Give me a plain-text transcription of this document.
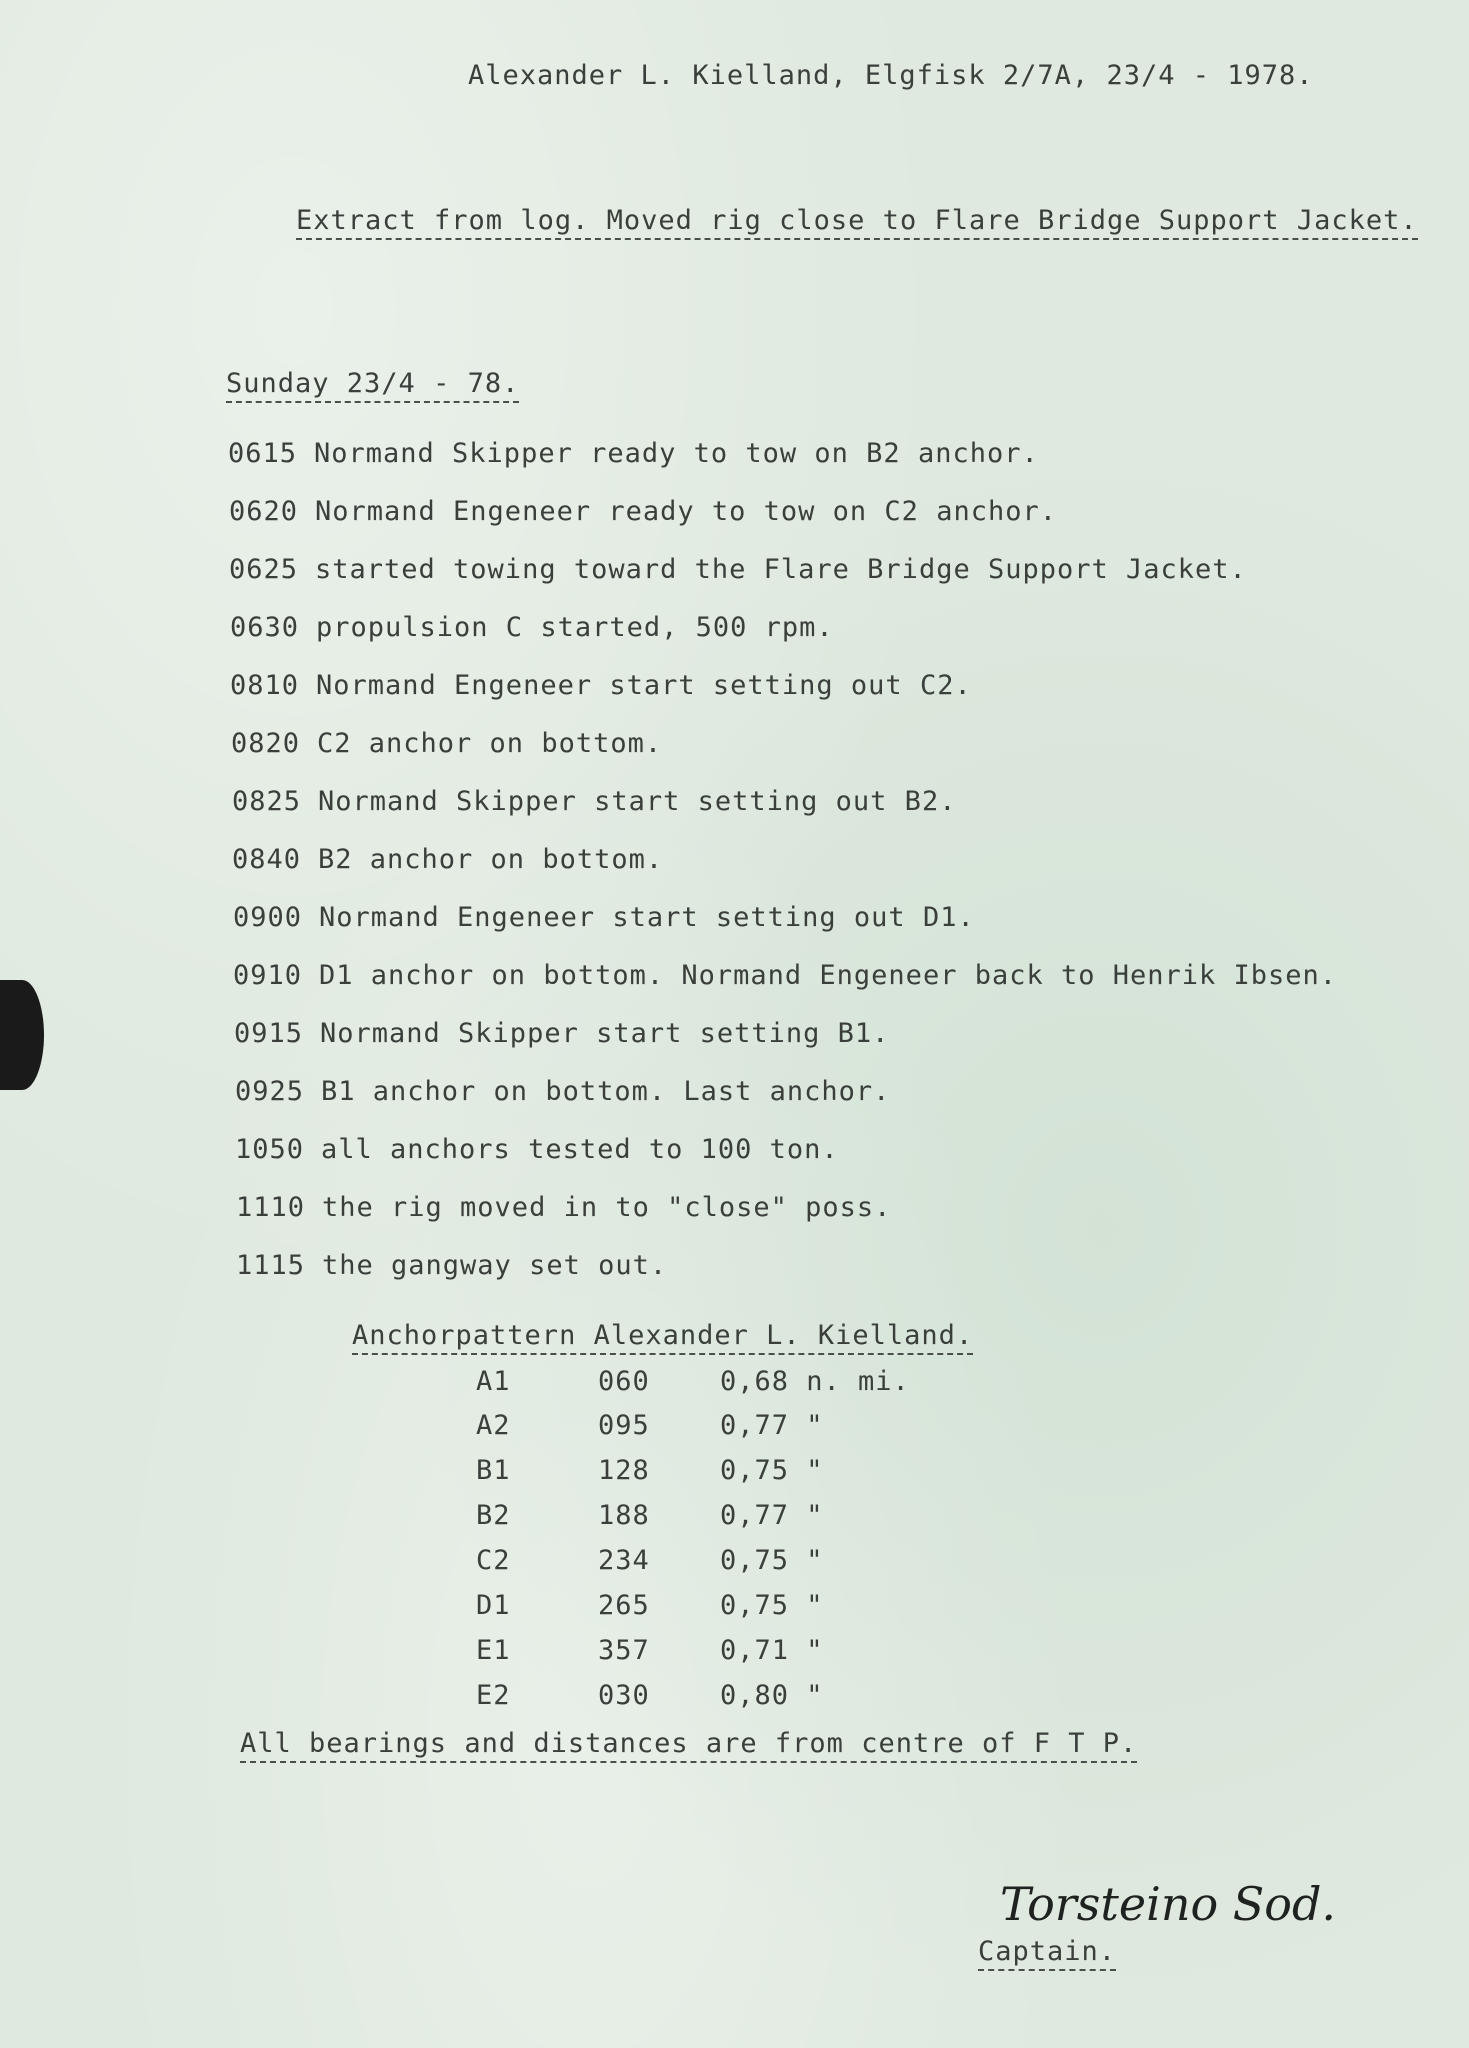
Alexander L. Kielland, Elgfisk 2/7A, 23/4 - 1978.
Extract from log. Moved rig close to Flare Bridge Support Jacket.
Sunday 23/4 - 78.
0615 Normand Skipper ready to tow on B2 anchor.
0620 Normand Engeneer ready to tow on C2 anchor.
0625 started towing toward the Flare Bridge Support Jacket.
0630 propulsion C started, 500 rpm.
0810 Normand Engeneer start setting out C2.
0820 C2 anchor on bottom.
0825 Normand Skipper start setting out B2.
0840 B2 anchor on bottom.
0900 Normand Engeneer start setting out D1.
0910 D1 anchor on bottom. Normand Engeneer back to Henrik Ibsen.
0915 Normand Skipper start setting B1.
0925 B1 anchor on bottom. Last anchor.
1050 all anchors tested to 100 ton.
1110 the rig moved in to "close" poss.
1115 the gangway set out.
Anchorpattern Alexander L. Kielland.
A1	060	0,68 n. mi.
A2	095	0,77 "
B1	128	0,75 "
B2	188	0,77 "
C2	234	0,75 "
D1	265	0,75 "
E1	357	0,71 "
E2	030	0,80 "
All bearings and distances are from centre of F T P.
Torsteino Sod.
Captain.
